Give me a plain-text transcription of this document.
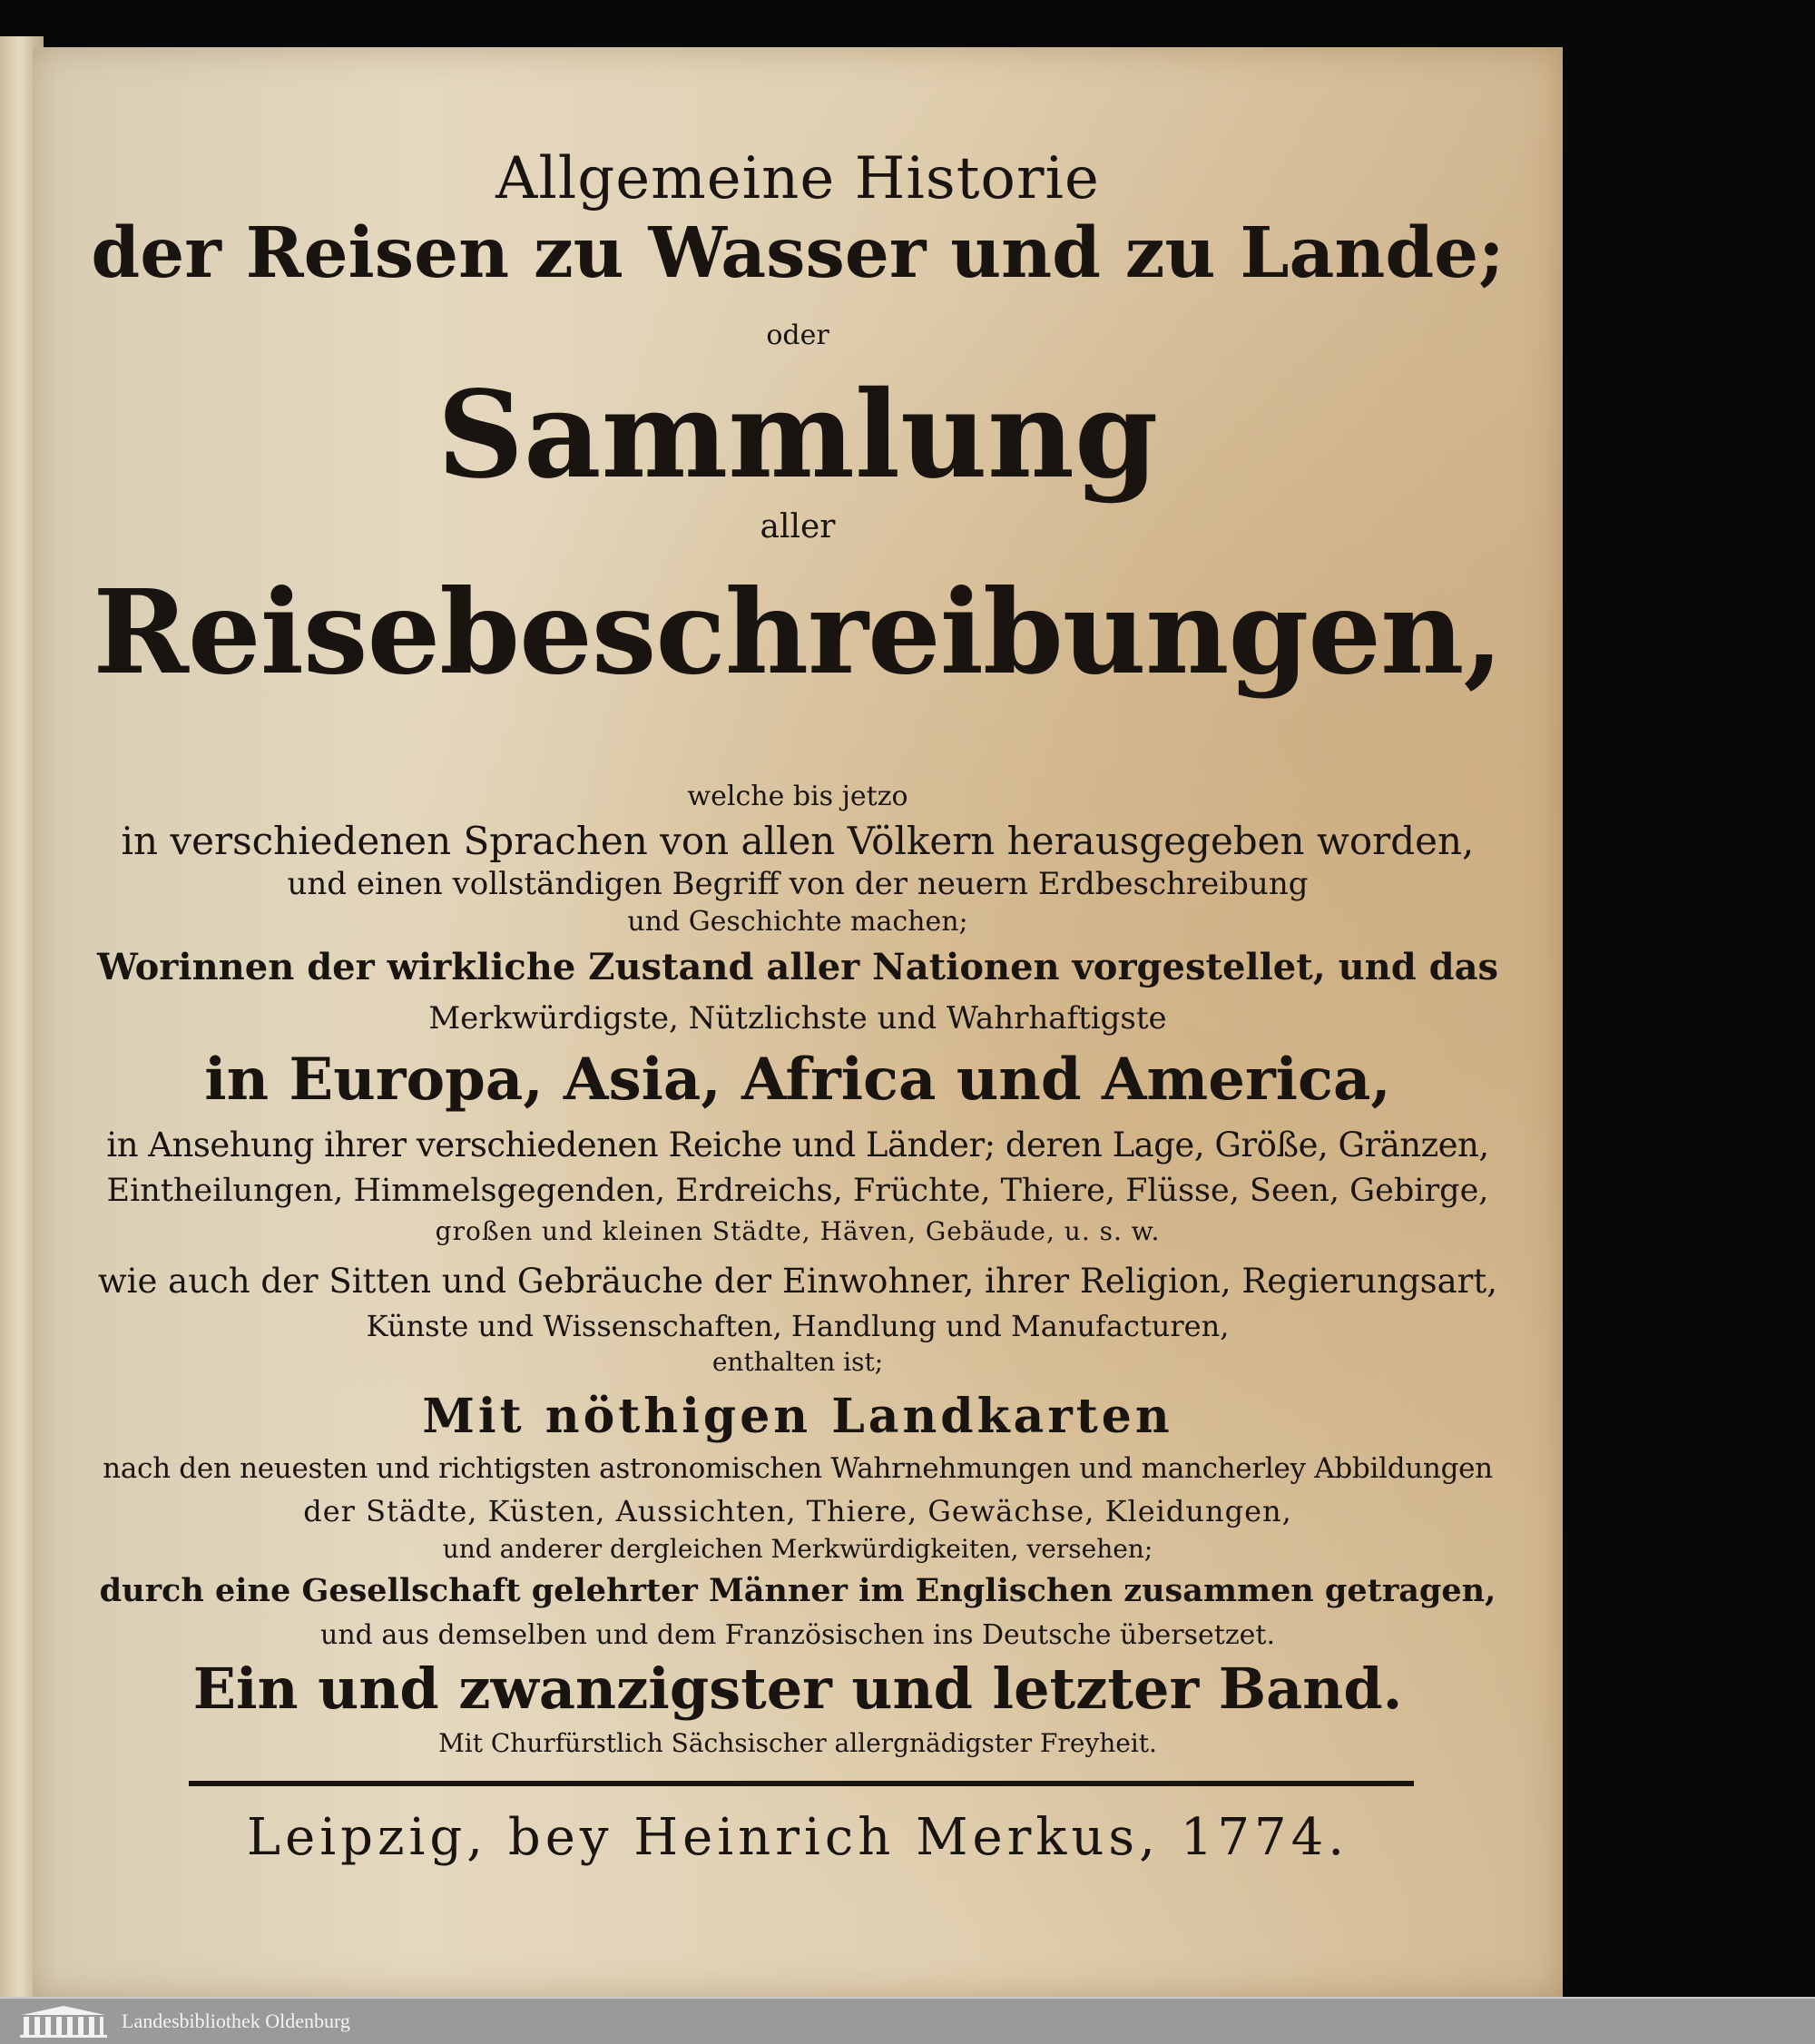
Allgemeine Historie
der Reisen zu Wasser und zu Lande;
oder
Sammlung
aller
Reisebeschreibungen,
welche bis jetzo
in verschiedenen Sprachen von allen Völkern herausgegeben worden,
und einen vollständigen Begriff von der neuern Erdbeschreibung
und Geschichte machen;
Worinnen der wirkliche Zustand aller Nationen vorgestellet, und das
Merkwürdigste, Nützlichste und Wahrhaftigste
in Europa, Asia, Africa und America,
in Ansehung ihrer verschiedenen Reiche und Länder; deren Lage, Größe, Gränzen,
Eintheilungen, Himmelsgegenden, Erdreichs, Früchte, Thiere, Flüsse, Seen, Gebirge,
großen und kleinen Städte, Häven, Gebäude, u. s. w.
wie auch der Sitten und Gebräuche der Einwohner, ihrer Religion, Regierungsart,
Künste und Wissenschaften, Handlung und Manufacturen,
enthalten ist;
Mit nöthigen Landkarten
nach den neuesten und richtigsten astronomischen Wahrnehmungen und mancherley Abbildungen
der Städte, Küsten, Aussichten, Thiere, Gewächse, Kleidungen,
und anderer dergleichen Merkwürdigkeiten, versehen;
durch eine Gesellschaft gelehrter Männer im Englischen zusammen getragen,
und aus demselben und dem Französischen ins Deutsche übersetzet.
Ein und zwanzigster und letzter Band.
Mit Churfürstlich Sächsischer allergnädigster Freyheit.
Leipzig, bey Heinrich Merkus, 1774.
Landesbibliothek Oldenburg
